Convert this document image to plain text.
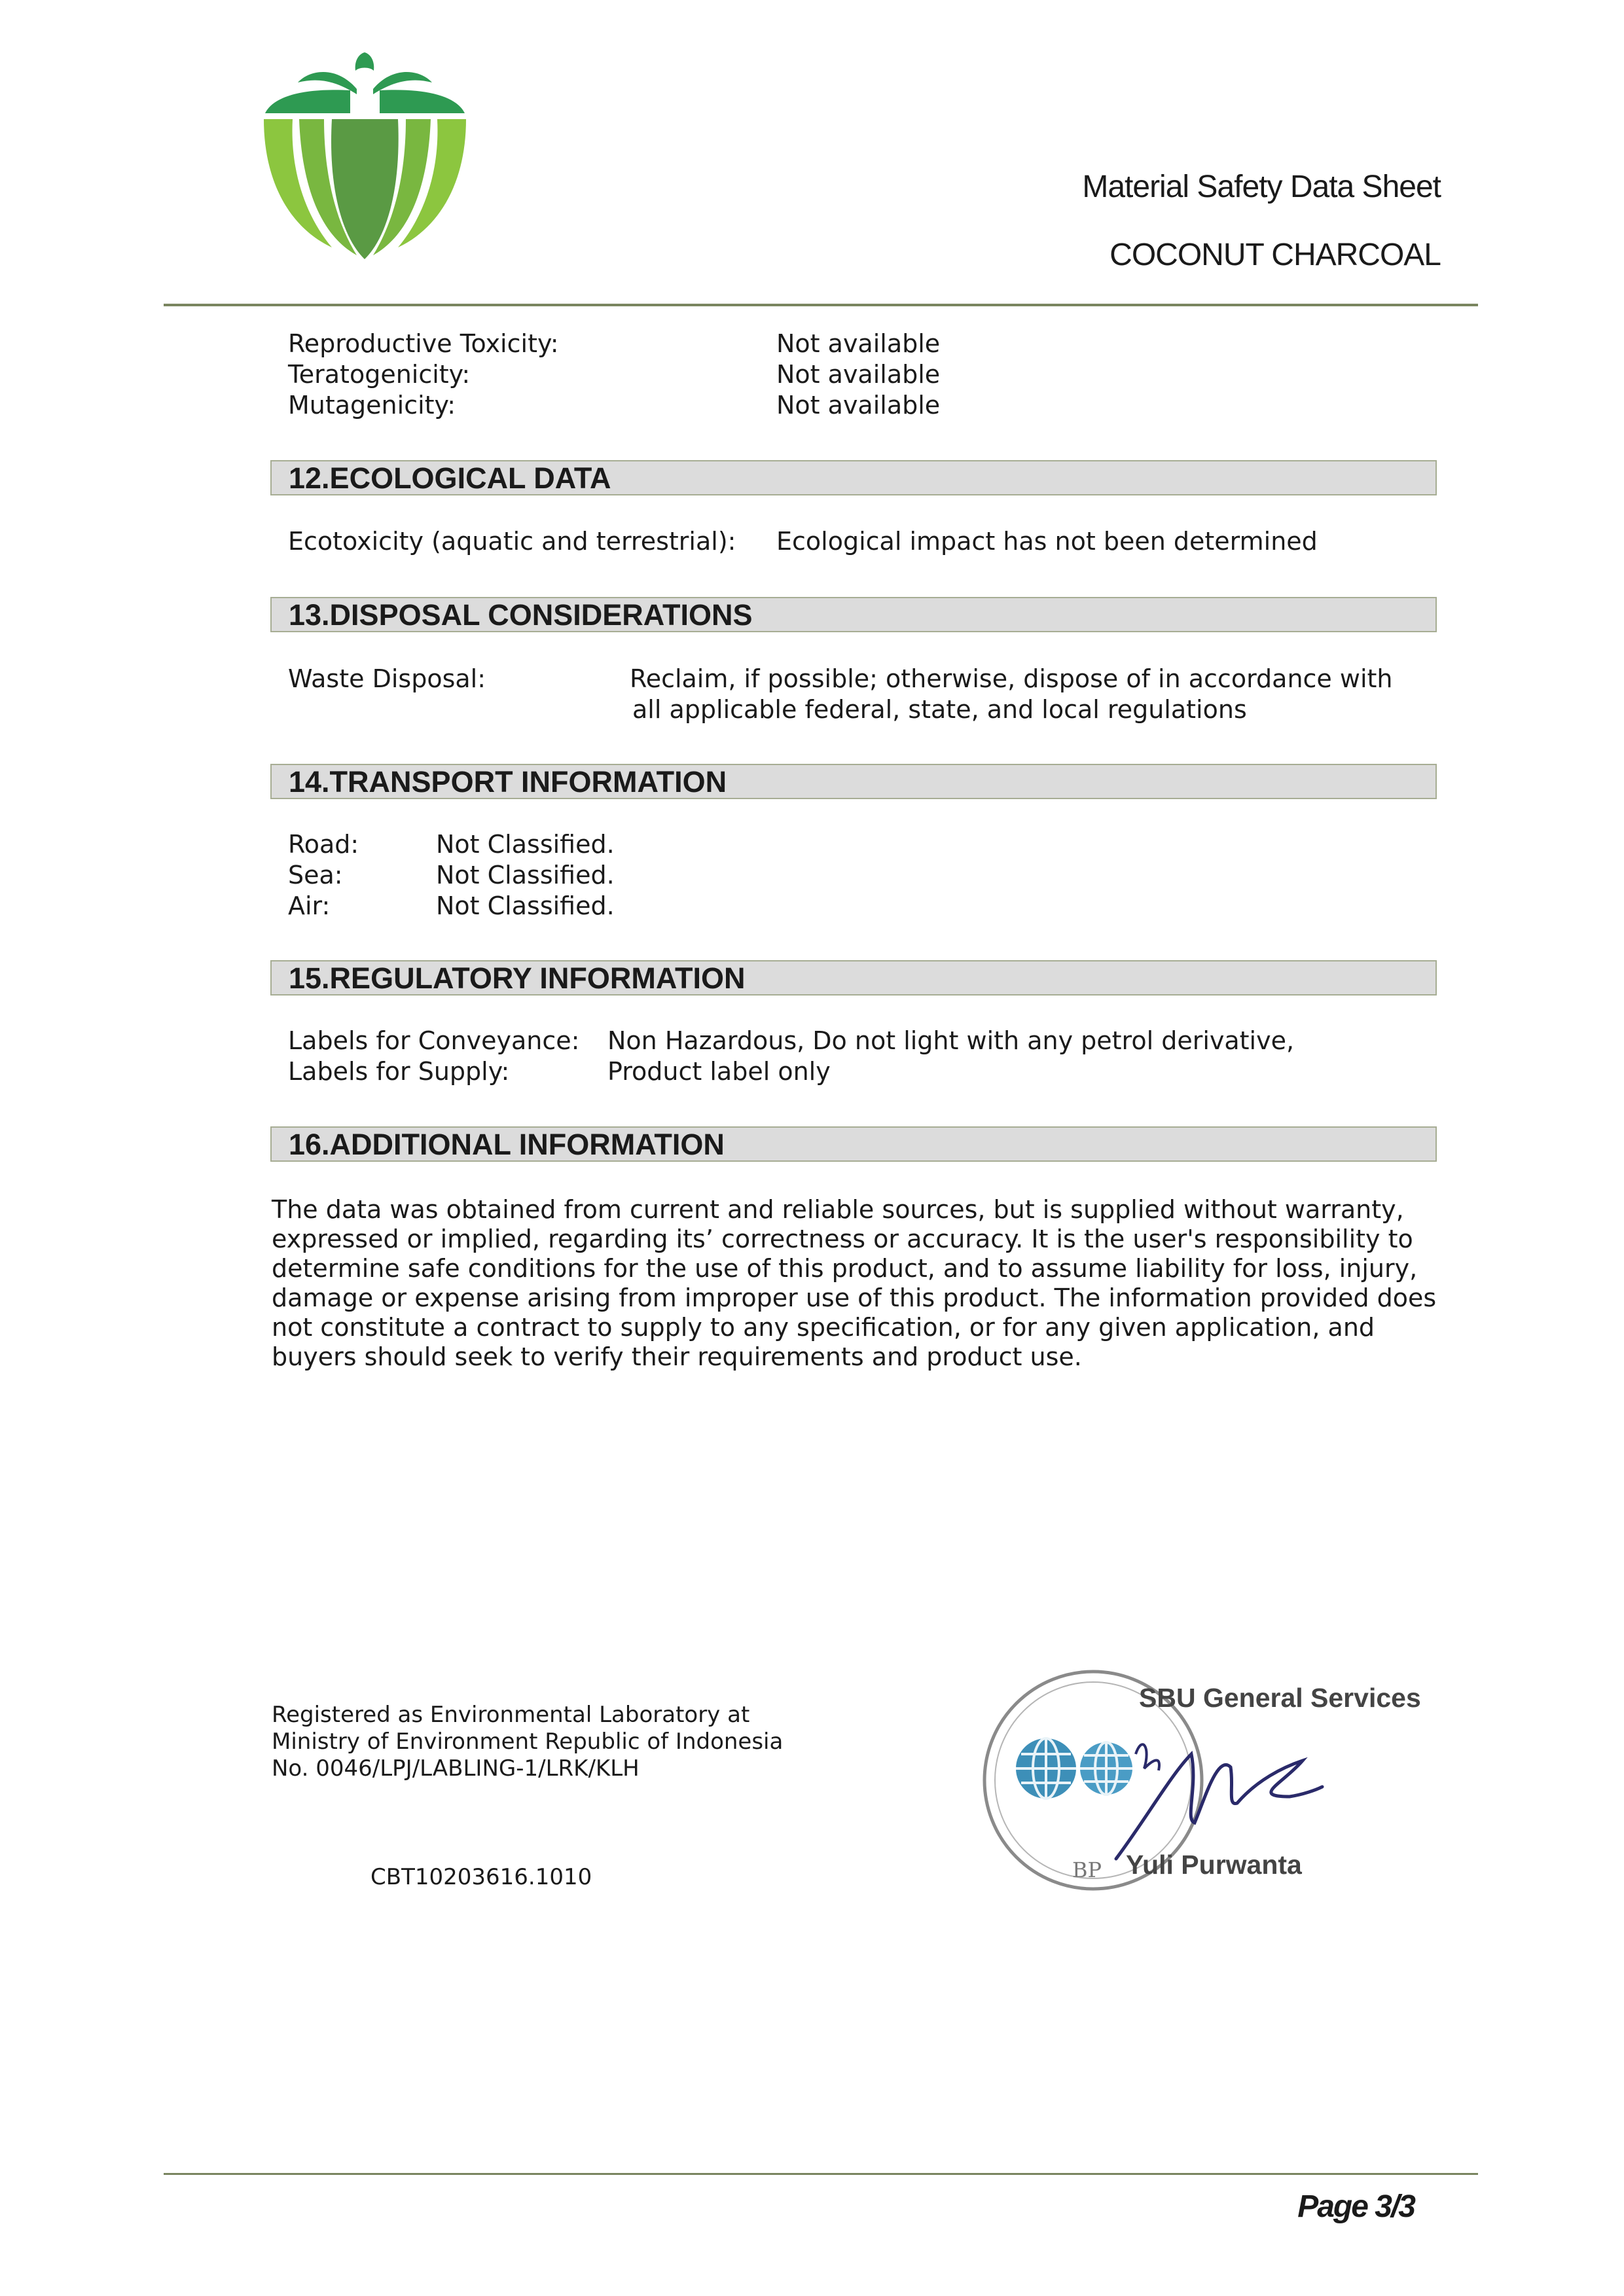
Material Safety Data Sheet
COCONUT CHARCOAL
Reproductive Toxicity:	Not available
Teratogenicity:	Not available
Mutagenicity:	Not available
12.ECOLOGICAL DATA
Ecotoxicity (aquatic and terrestrial): Ecological impact has not been determined
13.DISPOSAL CONSIDERATIONS
Waste Disposal:	Reclaim, if possible; otherwise, dispose of in accordance with
all applicable federal, state, and local regulations
14.TRANSPORT INFORMATION
Road:	Not Classified.
Sea:	Not Classified.
Air:	Not Classified.
15.REGULATORY INFORMATION
Labels for Conveyance: Non Hazardous, Do not light with any petrol derivative,
Labels for Supply:	Product label only
16.ADDITIONAL INFORMATION
The data was obtained from current and reliable sources, but is supplied without warranty, expressed or implied, regarding its’ correctness or accuracy. It is the user's responsibility to determine safe conditions for the use of this product, and to assume liability for loss, injury, damage or expense arising from improper use of this product. The information provided does not constitute a contract to supply to any specification, or for any given application, and buyers should seek to verify their requirements and product use.
Registered as Environmental Laboratory at
Ministry of Environment Republic of Indonesia
No. 0046/LPJ/LABLING-1/LRK/KLH
CBT10203616.1010
SBU General Services
BP Yuli Purwanta
Page 3/3
